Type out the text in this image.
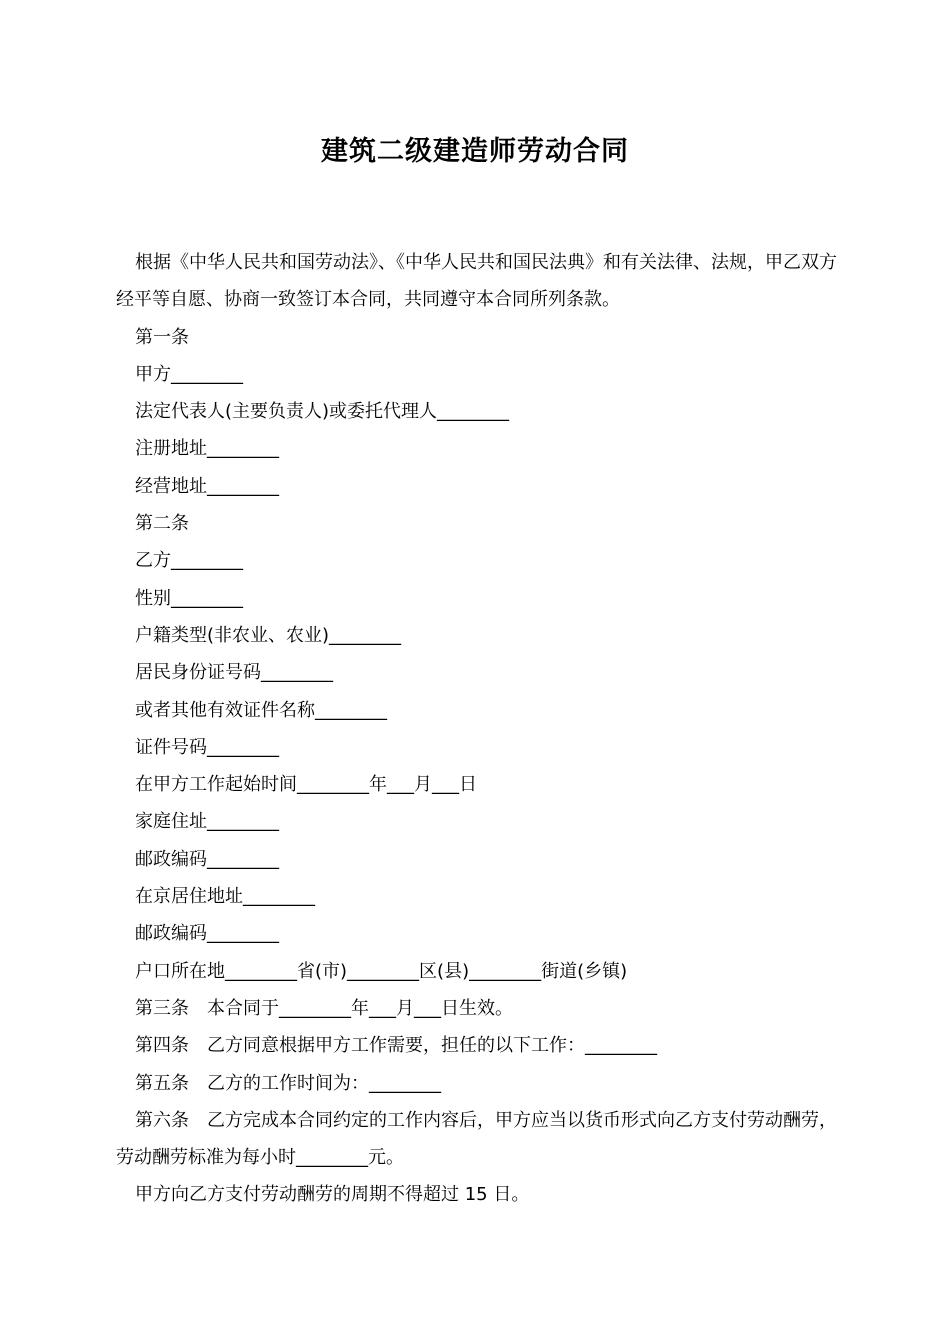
建筑二级建造师劳动合同

根据《中华人民共和国劳动法》、《中华人民共和国民法典》和有关法律、法规，甲乙双方经平等自愿、协商一致签订本合同，共同遵守本合同所列条款。

第一条

甲方________

法定代表人(主要负责人)或委托代理人________

注册地址________

经营地址________

第二条

乙方________

性别________

户籍类型(非农业、农业)________

居民身份证号码________

或者其他有效证件名称________

证件号码________

在甲方工作起始时间________年___月___日

家庭住址________

邮政编码________

在京居住地址________

邮政编码________

户口所在地________省(市)________区(县)________街道(乡镇)

第三条　本合同于________年___月___日生效。

第四条　乙方同意根据甲方工作需要，担任的以下工作：________

第五条　乙方的工作时间为：________

第六条　乙方完成本合同约定的工作内容后，甲方应当以货币形式向乙方支付劳动酬劳，劳动酬劳标准为每小时________元。

甲方向乙方支付劳动酬劳的周期不得超过 15 日。
